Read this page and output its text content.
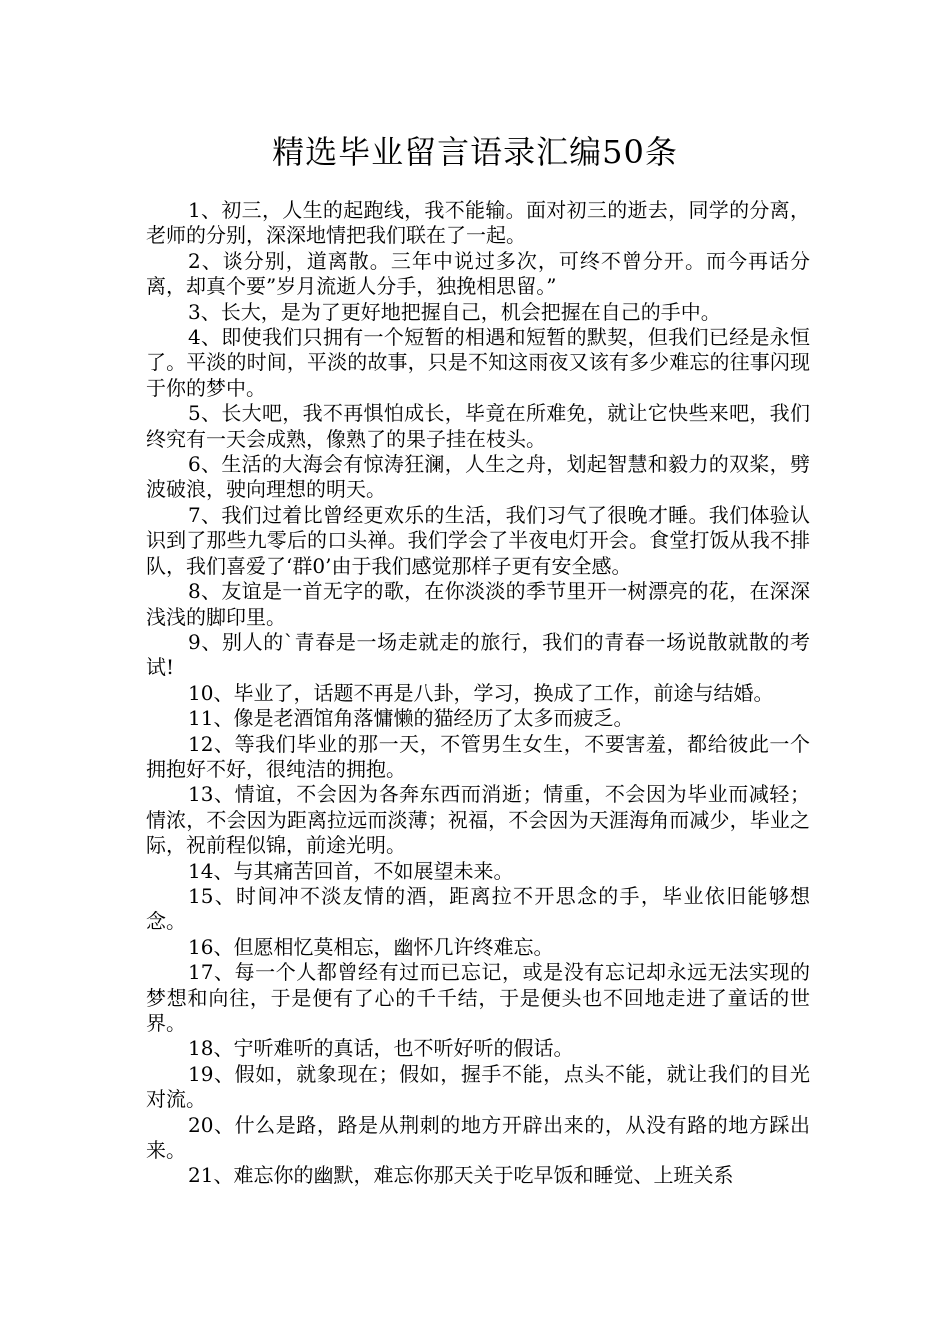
精选毕业留言语录汇编50条

1、初三，人生的起跑线，我不能输。面对初三的逝去，同学的分离，老师的分别，深深地情把我们联在了一起。

2、谈分别，道离散。三年中说过多次，可终不曾分开。而今再话分离，却真个要”岁月流逝人分手，独挽相思留。”

3、长大，是为了更好地把握自己，机会把握在自己的手中。

4、即使我们只拥有一个短暂的相遇和短暂的默契，但我们已经是永恒了。平淡的时间，平淡的故事，只是不知这雨夜又该有多少难忘的往事闪现于你的梦中。

5、长大吧，我不再惧怕成长，毕竟在所难免，就让它快些来吧，我们终究有一天会成熟，像熟了的果子挂在枝头。

6、生活的大海会有惊涛狂澜，人生之舟，划起智慧和毅力的双桨，劈波破浪，驶向理想的明天。

7、我们过着比曾经更欢乐的生活，我们习气了很晚才睡。我们体验认识到了那些九零后的口头禅。我们学会了半夜电灯开会。食堂打饭从我不排队，我们喜爱了‘群0’由于我们感觉那样子更有安全感。

8、友谊是一首无字的歌，在你淡淡的季节里开一树漂亮的花，在深深浅浅的脚印里。

9、别人的`青春是一场走就走的旅行，我们的青春一场说散就散的考试!

10、毕业了，话题不再是八卦，学习，换成了工作，前途与结婚。

11、像是老酒馆角落慵懒的猫经历了太多而疲乏。

12、等我们毕业的那一天，不管男生女生，不要害羞，都给彼此一个拥抱好不好，很纯洁的拥抱。

13、情谊，不会因为各奔东西而消逝；情重，不会因为毕业而减轻；情浓，不会因为距离拉远而淡薄；祝福，不会因为天涯海角而减少，毕业之际，祝前程似锦，前途光明。

14、与其痛苦回首，不如展望未来。

15、时间冲不淡友情的酒，距离拉不开思念的手，毕业依旧能够想念。

16、但愿相忆莫相忘，幽怀几许终难忘。

17、每一个人都曾经有过而已忘记，或是没有忘记却永远无法实现的梦想和向往，于是便有了心的千千结，于是便头也不回地走进了童话的世界。

18、宁听难听的真话，也不听好听的假话。

19、假如，就象现在；假如，握手不能，点头不能，就让我们的目光对流。

20、什么是路，路是从荆刺的地方开辟出来的，从没有路的地方踩出来。

21、难忘你的幽默，难忘你那天关于吃早饭和睡觉、上班关系
